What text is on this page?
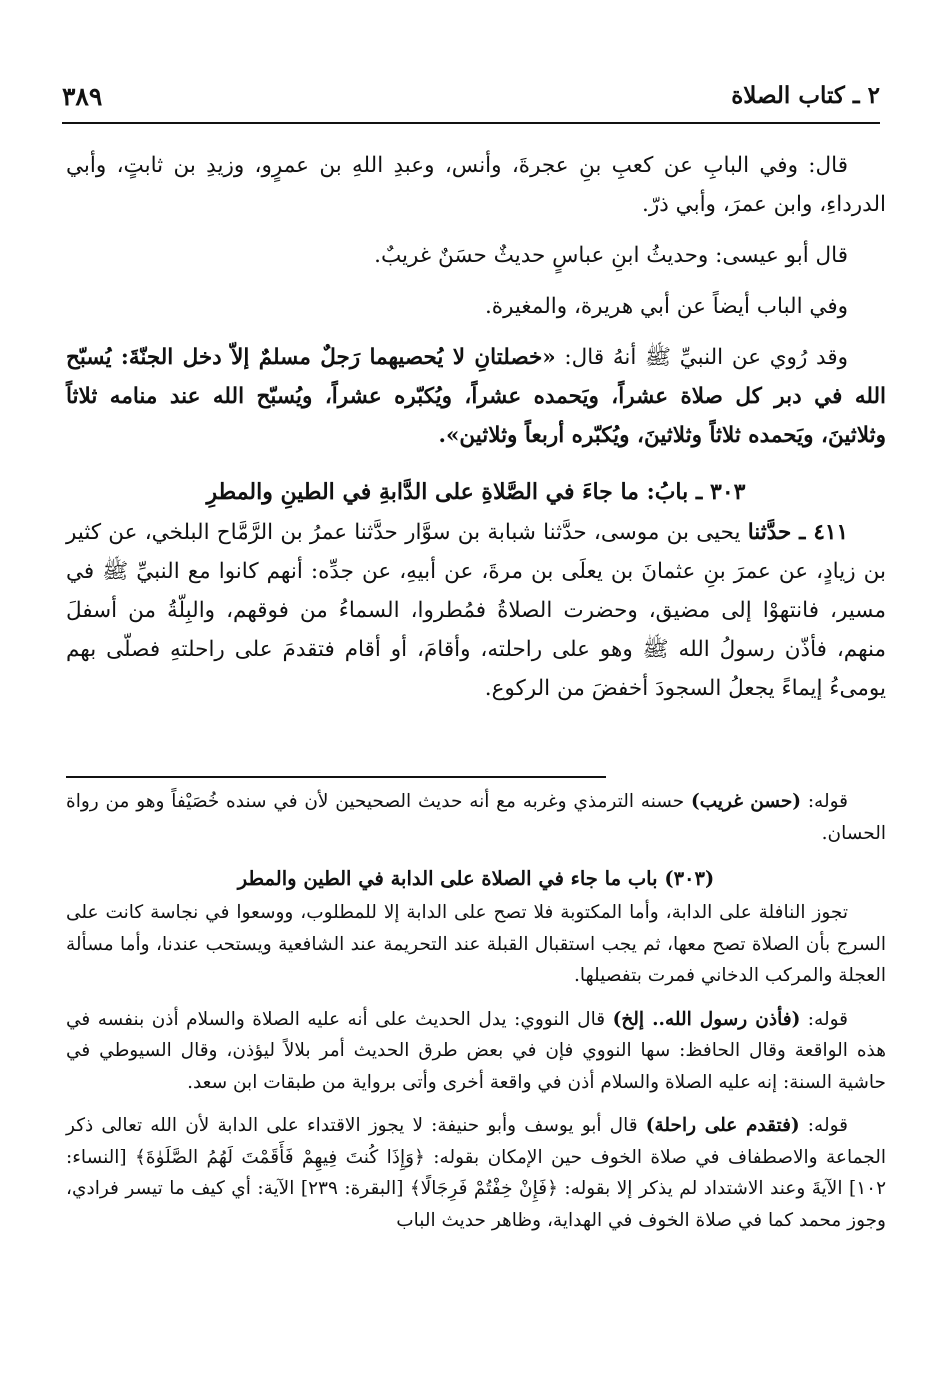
٢ ـ كتاب الصلاة
٣٨٩

قال: وفي البابِ عن كعبِ بنِ عجرةَ، وأنس، وعبدِ اللهِ بن عمرٍو، وزيدِ بن ثابتٍ، وأبي الدرداءِ، وابن عمرَ، وأبي ذرّ.

قال أبو عيسى: وحديثُ ابنِ عباسٍ حديثٌ حسَنٌ غريبٌ.

وفي الباب أيضاً عن أبي هريرة، والمغيرة.

وقد رُوي عن النبيِّ ﷺ أنهُ قال: «خصلتانِ لا يُحصيهما رَجلٌ مسلمٌ إلاّ دخل الجنّةَ: يُسبّح الله في دبر كل صلاة عشراً، ويَحمده عشراً، ويُكبّره عشراً، ويُسبّح الله عند منامه ثلاثاً وثلاثينَ، ويَحمده ثلاثاً وثلاثينَ، ويُكبّره أربعاً وثلاثين».

٣٠٣ ـ بابُ: ما جاءَ في الصَّلاةِ على الدَّابةِ في الطينِ والمطرِ

٤١١ ـ حدَّثنا يحيى بن موسى، حدَّثنا شبابة بن سوَّار حدَّثنا عمرُ بن الرَّمَّاح البلخي، عن كثير بن زيادٍ، عن عمرَ بنِ عثمانَ بن يعلَى بن مرةَ، عن أبيهِ، عن جدِّه: أنهم كانوا مع النبيِّ ﷺ في مسير، فانتهوْا إلى مضيق، وحضرت الصلاةُ فمُطروا، السماءُ من فوقهم، والبِلّةُ من أسفلَ منهم، فأذّن رسولُ الله ﷺ وهو على راحلته، وأقامَ، أو أقام فتقدمَ على راحلتهِ فصلّى بهم يومىءُ إيماءً يجعلُ السجودَ أخفضَ من الركوع.

قوله: (حسن غريب) حسنه الترمذي وغربه مع أنه حديث الصحيحين لأن في سنده خُصَيْفاً وهو من رواة الحسان.

(٣٠٣) باب ما جاء في الصلاة على الدابة في الطين والمطر

تجوز النافلة على الدابة، وأما المكتوبة فلا تصح على الدابة إلا للمطلوب، ووسعوا في نجاسة كانت على السرج بأن الصلاة تصح معها، ثم يجب استقبال القبلة عند التحريمة عند الشافعية ويستحب عندنا، وأما مسألة العجلة والمركب الدخاني فمرت بتفصيلها.

قوله: (فأذن رسول الله.. إلخ) قال النووي: يدل الحديث على أنه عليه الصلاة والسلام أذن بنفسه في هذه الواقعة وقال الحافظ: سها النووي فإن في بعض طرق الحديث أمر بلالاً ليؤذن، وقال السيوطي في حاشية السنة: إنه عليه الصلاة والسلام أذن في واقعة أخرى وأتى برواية من طبقات ابن سعد.

قوله: (فتقدم على راحلة) قال أبو يوسف وأبو حنيفة: لا يجوز الاقتداء على الدابة لأن الله تعالى ذكر الجماعة والاصطفاف في صلاة الخوف حين الإمكان بقوله: ﴿وَإِذَا كُنتَ فِيهِمْ فَأَقَمْتَ لَهُمُ الصَّلَوٰةَ﴾ [النساء: ١٠٢] الآيةَ وعند الاشتداد لم يذكر إلا بقوله: ﴿فَإِنْ خِفْتُمْ فَرِجَالًا﴾ [البقرة: ٢٣٩] الآية: أي كيف ما تيسر فرادي، وجوز محمد كما في صلاة الخوف في الهداية، وظاهر حديث الباب
